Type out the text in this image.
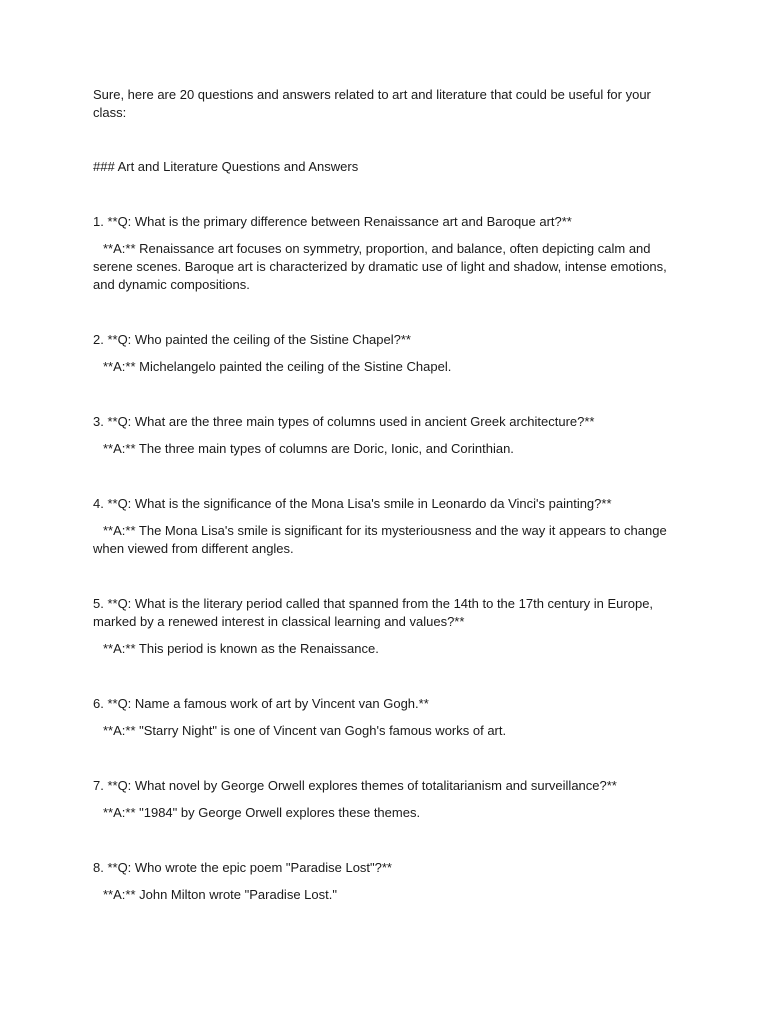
Sure, here are 20 questions and answers related to art and literature that could be useful for your class:

### Art and Literature Questions and Answers

1. **Q: What is the primary difference between Renaissance art and Baroque art?**

**A:** Renaissance art focuses on symmetry, proportion, and balance, often depicting calm and serene scenes. Baroque art is characterized by dramatic use of light and shadow, intense emotions, and dynamic compositions.

2. **Q: Who painted the ceiling of the Sistine Chapel?**

**A:** Michelangelo painted the ceiling of the Sistine Chapel.

3. **Q: What are the three main types of columns used in ancient Greek architecture?**

**A:** The three main types of columns are Doric, Ionic, and Corinthian.

4. **Q: What is the significance of the Mona Lisa's smile in Leonardo da Vinci's painting?**

**A:** The Mona Lisa's smile is significant for its mysteriousness and the way it appears to change when viewed from different angles.

5. **Q: What is the literary period called that spanned from the 14th to the 17th century in Europe, marked by a renewed interest in classical learning and values?**

**A:** This period is known as the Renaissance.

6. **Q: Name a famous work of art by Vincent van Gogh.**

**A:** "Starry Night" is one of Vincent van Gogh's famous works of art.

7. **Q: What novel by George Orwell explores themes of totalitarianism and surveillance?**

**A:** "1984" by George Orwell explores these themes.

8. **Q: Who wrote the epic poem "Paradise Lost"?**

**A:** John Milton wrote "Paradise Lost."
